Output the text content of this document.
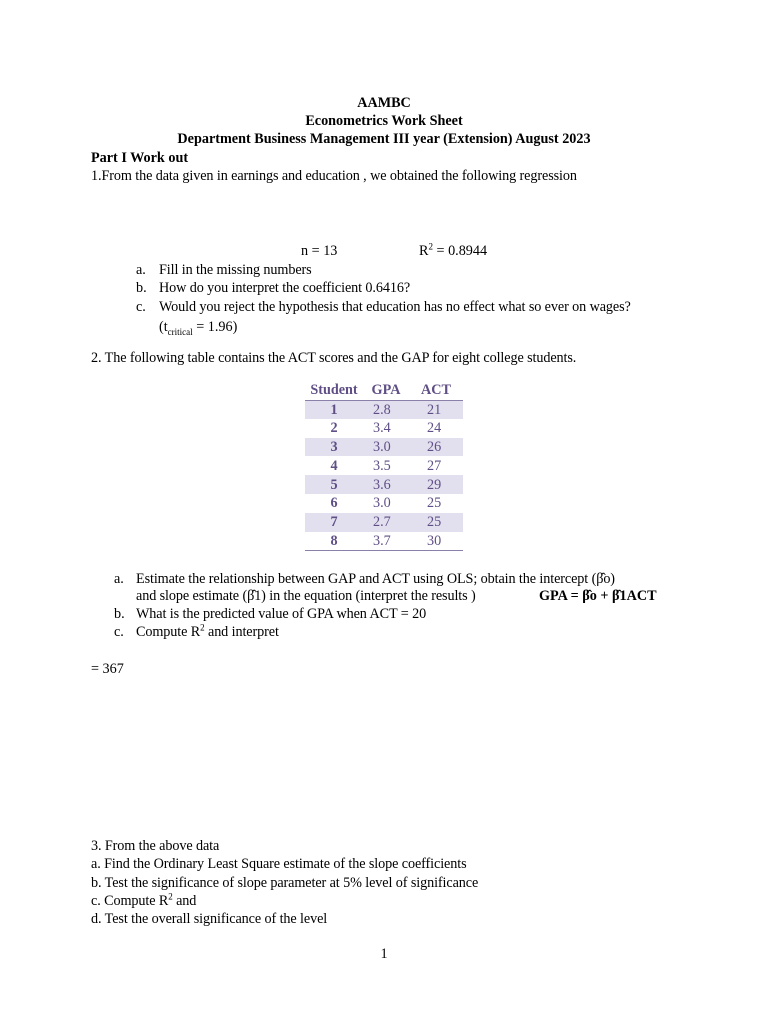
AAMBC
Econometrics Work Sheet
Department Business Management III year (Extension) August 2023
Part I Work out
1.From the data given in earnings and education , we obtained the following regression
n = 13	$R^2 = 0.8944$
a. Fill in the missing numbers
b. How do you interpret the coefficient 0.6416?
c. Would you reject the hypothesis that education has no effect what so ever on wages?
$(t_{critical} = 1.96)$
2. The following table contains the ACT scores and the GAP for eight college students.
Student	GPA	ACT
1	2.8	21
2	3.4	24
3	3.0	26
4	3.5	27
5	3.6	29
6	3.0	25
7	2.7	25
8	3.7	30
a. Estimate the relationship between GAP and ACT using OLS; obtain the intercept (β̂o)
and slope estimate (β̂1) in the equation (interpret the results )	GPA = β̂o + β̂1ACT
b. What is the predicted value of GPA when ACT = 20
c. Compute $R^2$ and interpret
= 367
3. From the above data
a. Find the Ordinary Least Square estimate of the slope coefficients
b. Test the significance of slope parameter at 5% level of significance
c. Compute $R^2$ and
d. Test the overall significance of the level
1
